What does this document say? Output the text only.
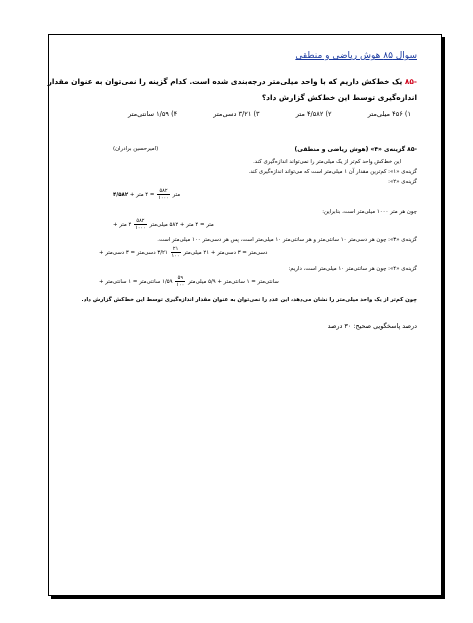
سوال ۸۵ هوش ریاضی و منطقی
-۸۵ یک خط‌کش داریم که با واحد میلی‌متر درجه‌بندی شده است. کدام گزینه را نمی‌توان به عنوان مقدار
اندازه‌گیری توسط این خط‌کش گزارش داد؟
۱) ۴۵۶ میلی‌متر ۲) ۴/۵۸۲ متر ۳) ۳/۲۱ دسی‌متر ۴) ۱/۵۹ سانتی‌متر
-۸۵ گزینه‌ی «۴» (هوش ریاضی و منطقی)
(امیرحسین برادران)
این خط‌کش واحد کم‌تر از یک میلی‌متر را نمی‌تواند اندازه‌گیری کند.
گزینه‌ی «۱»: کم‌ترین مقدار آن ۱ میلی‌متر است که می‌تواند اندازه‌گیری کند.
گزینه‌ی «۲»:
متر
$\frac{۵۸۲}{۱۰۰۰}$
= ۴ متر + ۴/۵۸۲
چون هر متر ۱۰۰۰ میلی‌متر است، بنابراین:
متر = ۴ متر + ۵۸۲ میلی‌متر
$\frac{۵۸۲}{۱۰۰۰}$
۴ متر +
گزینه‌ی «۳»: چون هر دسی‌متر ۱۰ سانتی‌متر و هر سانتی‌متر ۱۰ میلی‌متر است، پس هر دسی‌متر ۱۰۰ میلی‌متر است.
دسی‌متر = ۳ دسی‌متر + ۲۱ میلی‌متر
$\frac{۲۱}{۱۰۰}$
۳/۲۱ دسی‌متر = ۳ دسی‌متر +
گزینه‌ی «۴»: چون هر سانتی‌متر ۱۰ میلی‌متر است، داریم:
سانتی‌متر = ۱ سانتی‌متر + ۵/۹ میلی‌متر
$\frac{۵۹}{۱۰۰}$
۱/۵۹ سانتی‌متر = ۱ سانتی‌متر +
چون کم‌تر از یک واحد میلی‌متر را نشان می‌دهد، این عدد را نمی‌توان به عنوان مقدار اندازه‌گیری توسط این خط‌کش گزارش داد.
درصد پاسخگویی صحیح: ۳۰ درصد
